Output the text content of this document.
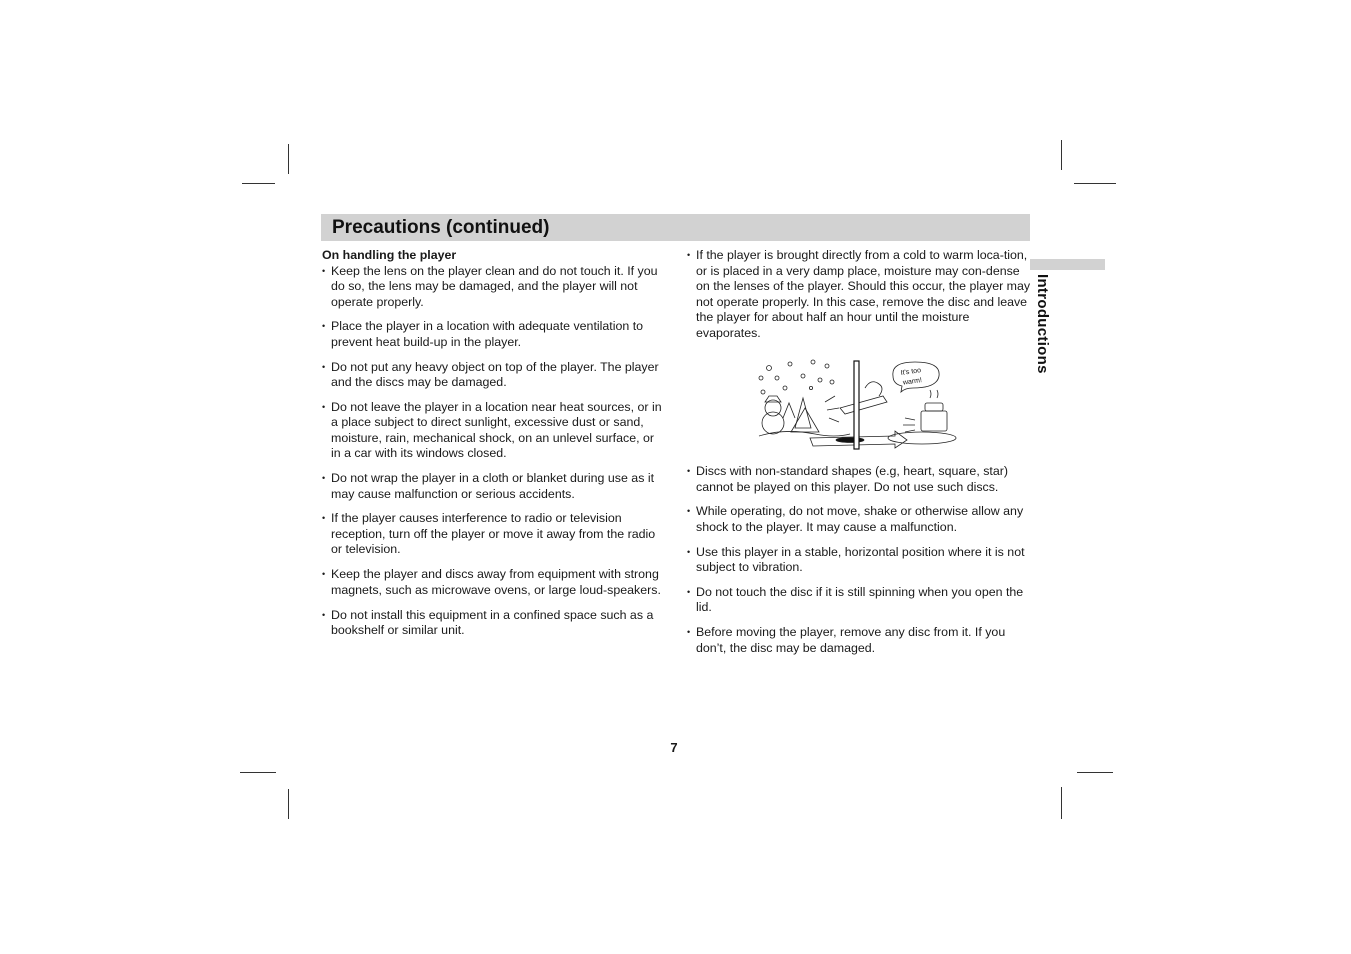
Precautions (continued)
Introductions
On handling the player
• Keep the lens on the player clean and do not touch it. If you do so, the lens may be damaged, and the player will not operate properly.
• Place the player in a location with adequate ventilation to prevent heat build-up in the player.
• Do not put any heavy object on top of the player. The player and the discs may be damaged.
• Do not leave the player in a location near heat sources, or in a place subject to direct sunlight, excessive dust or sand, moisture, rain, mechanical shock, on an unlevel surface, or in a car with its windows closed.
• Do not wrap the player in a cloth or blanket during use as it may cause malfunction or serious accidents.
• If the player causes interference to radio or television reception, turn off the player or move it away from the radio or television.
• Keep the player and discs away from equipment with strong magnets, such as microwave ovens, or large loud-speakers.
• Do not install this equipment in a confined space such as a bookshelf or similar unit.
• If the player is brought directly from a cold to warm loca-tion, or is placed in a very damp place, moisture may con-dense on the lenses of the player. Should this occur, the player may not operate properly. In this case, remove the disc and leave the player for about half an hour until the moisture evaporates.
• Discs with non-standard shapes (e.g, heart, square, star) cannot be played on this player. Do not use such discs.
• While operating, do not move, shake or otherwise allow any shock to the player. It may cause a malfunction.
• Use this player in a stable, horizontal position where it is not subject to vibration.
• Do not touch the disc if it is still spinning when you open the lid.
• Before moving the player, remove any disc from it. If you don’t, the disc may be damaged.
It's too
warm!
7
